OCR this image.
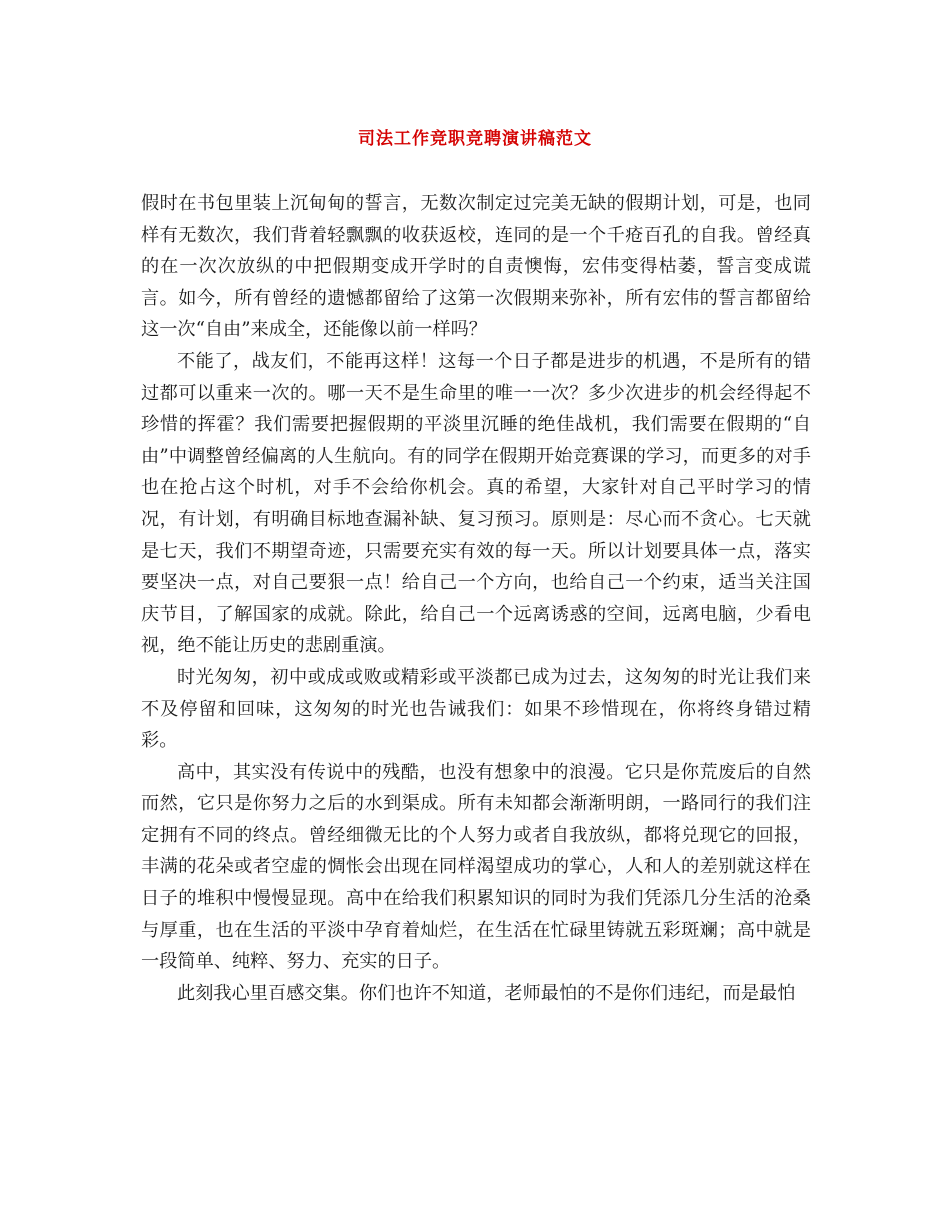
司法工作竞职竞聘演讲稿范文

假时在书包里装上沉甸甸的誓言，无数次制定过完美无缺的假期计划，可是，也同样有无数次，我们背着轻飘飘的收获返校，连同的是一个千疮百孔的自我。曾经真的在一次次放纵的中把假期变成开学时的自责懊悔，宏伟变得枯萎，誓言变成谎言。如今，所有曾经的遗憾都留给了这第一次假期来弥补，所有宏伟的誓言都留给这一次“自由”来成全，还能像以前一样吗？

不能了，战友们，不能再这样！这每一个日子都是进步的机遇，不是所有的错过都可以重来一次的。哪一天不是生命里的唯一一次？多少次进步的机会经得起不珍惜的挥霍？我们需要把握假期的平淡里沉睡的绝佳战机，我们需要在假期的“自由”中调整曾经偏离的人生航向。有的同学在假期开始竞赛课的学习，而更多的对手也在抢占这个时机，对手不会给你机会。真的希望，大家针对自己平时学习的情况，有计划，有明确目标地查漏补缺、复习预习。原则是：尽心而不贪心。七天就是七天，我们不期望奇迹，只需要充实有效的每一天。所以计划要具体一点，落实要坚决一点，对自己要狠一点！给自己一个方向，也给自己一个约束，适当关注国庆节目，了解国家的成就。除此，给自己一个远离诱惑的空间，远离电脑，少看电视，绝不能让历史的悲剧重演。

时光匆匆，初中或成或败或精彩或平淡都已成为过去，这匆匆的时光让我们来不及停留和回味，这匆匆的时光也告诫我们：如果不珍惜现在，你将终身错过精彩。

高中，其实没有传说中的残酷，也没有想象中的浪漫。它只是你荒废后的自然而然，它只是你努力之后的水到渠成。所有未知都会渐渐明朗，一路同行的我们注定拥有不同的终点。曾经细微无比的个人努力或者自我放纵，都将兑现它的回报，丰满的花朵或者空虚的惆怅会出现在同样渴望成功的掌心，人和人的差别就这样在日子的堆积中慢慢显现。高中在给我们积累知识的同时为我们凭添几分生活的沧桑与厚重，也在生活的平淡中孕育着灿烂，在生活在忙碌里铸就五彩斑斓；高中就是一段简单、纯粹、努力、充实的日子。

此刻我心里百感交集。你们也许不知道，老师最怕的不是你们违纪，而是最怕
